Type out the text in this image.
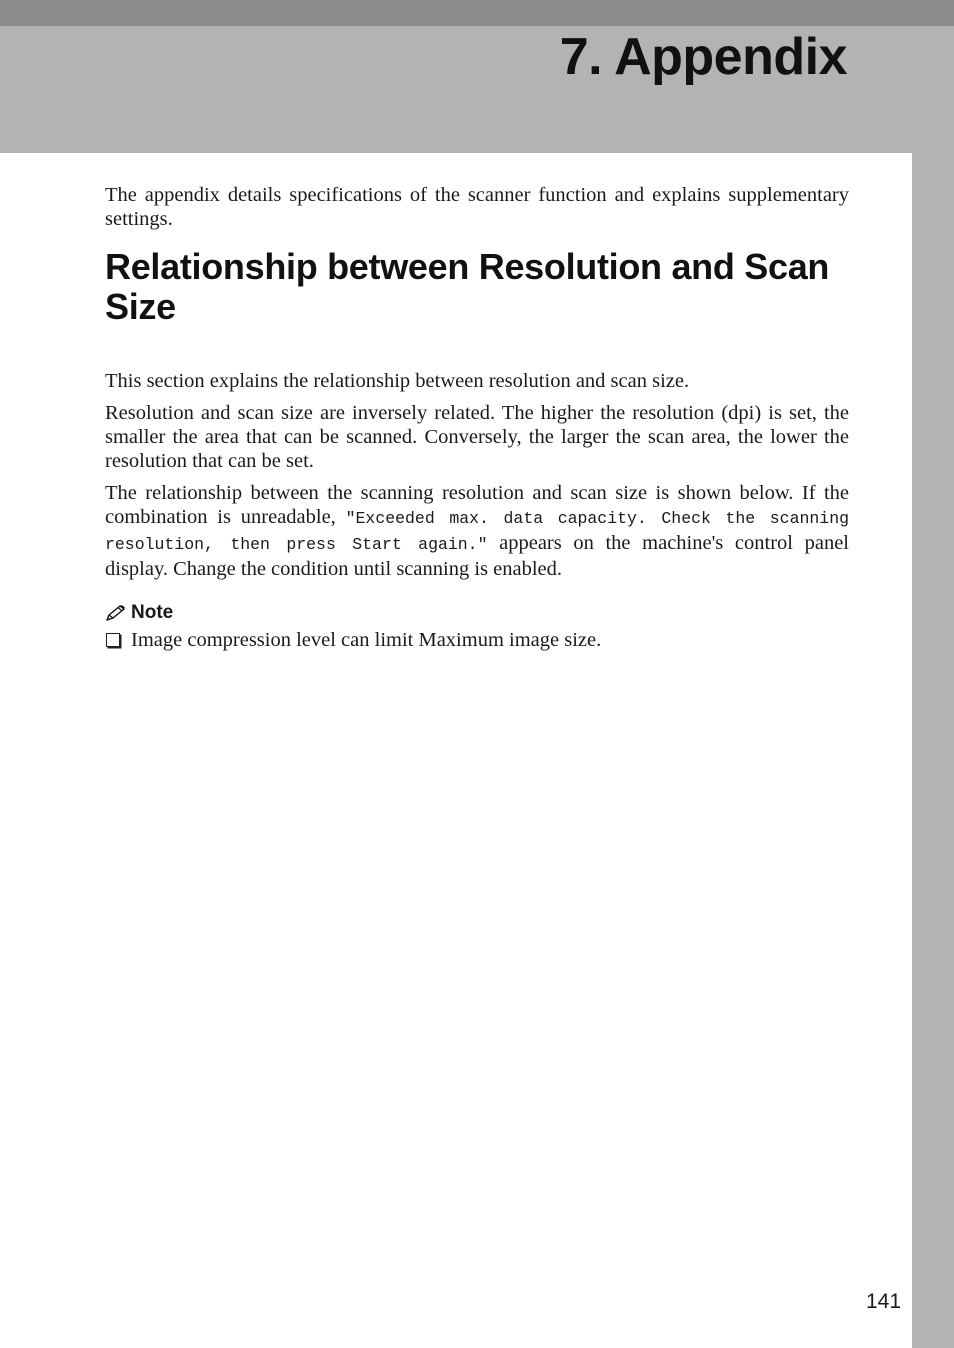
7. Appendix

The appendix details specifications of the scanner function and explains supplementary settings.

Relationship between Resolution and Scan Size

This section explains the relationship between resolution and scan size.

Resolution and scan size are inversely related. The higher the resolution (dpi) is set, the smaller the area that can be scanned. Conversely, the larger the scan area, the lower the resolution that can be set.

The relationship between the scanning resolution and scan size is shown below. If the combination is unreadable, "Exceeded max. data capacity. Check the scanning resolution, then press Start again." appears on the machine's control panel display. Change the condition until scanning is enabled.

Note
Image compression level can limit Maximum image size.
141
